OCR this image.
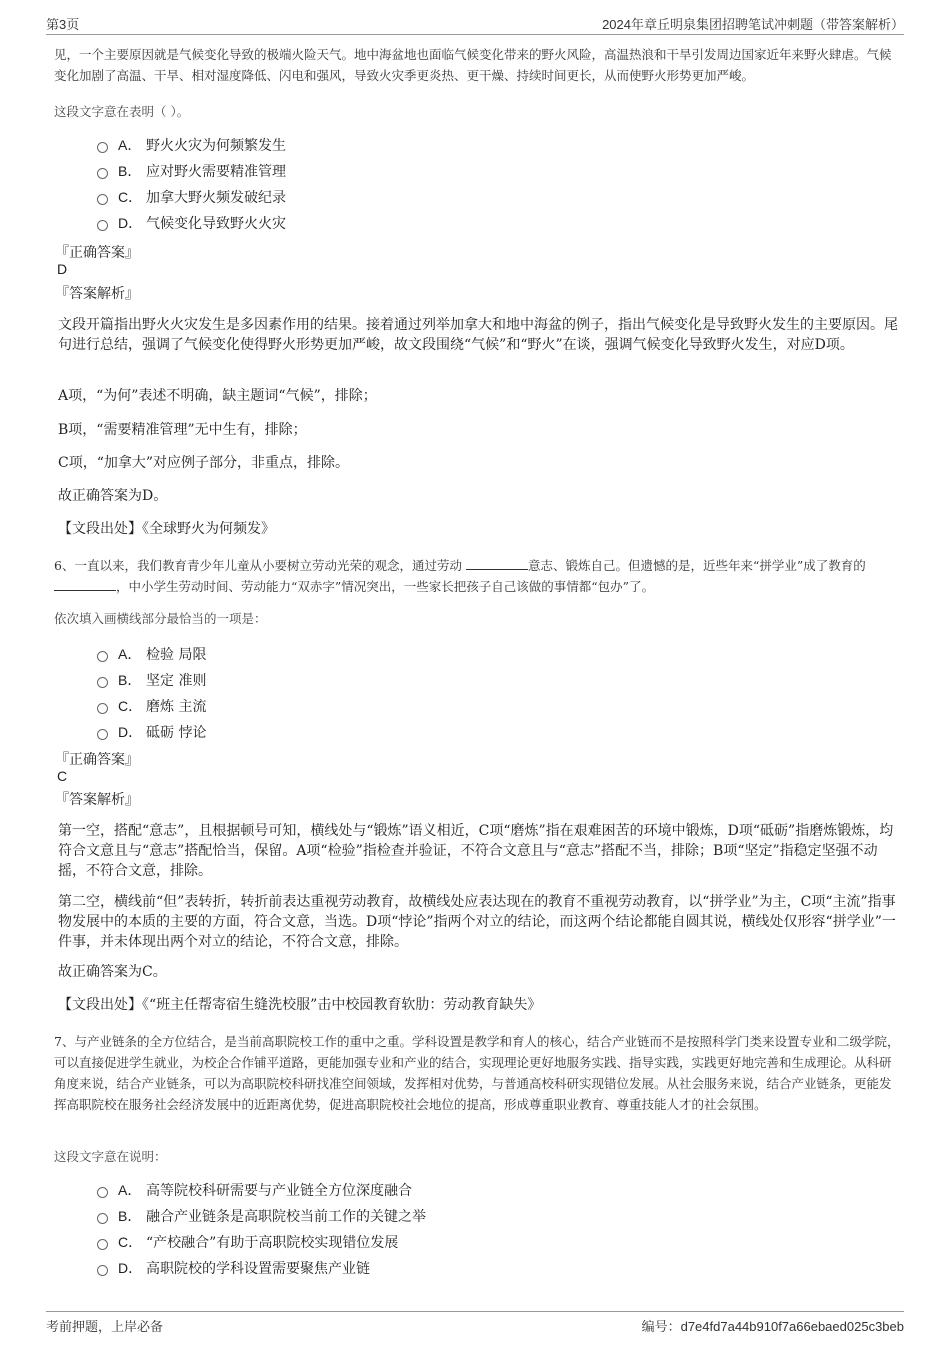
第3页	2024年章丘明泉集团招聘笔试冲刺题（带答案解析）
见，一个主要原因就是气候变化导致的极端火险天气。地中海盆地也面临气候变化带来的野火风险，高温热浪和干旱引发周边国家近年来野火肆虐。气候变化加剧了高温、干旱、相对湿度降低、闪电和强风，导致火灾季更炎热、更干燥、持续时间更长，从而使野火形势更加严峻。
这段文字意在表明（ ）。
A． 野火火灾为何频繁发生
B． 应对野火需要精准管理
C． 加拿大野火频发破纪录
D． 气候变化导致野火火灾
『正确答案』
D
『答案解析』
文段开篇指出野火火灾发生是多因素作用的结果。接着通过列举加拿大和地中海盆的例子，指出气候变化是导致野火发生的主要原因。尾句进行总结，强调了气候变化使得野火形势更加严峻，故文段围绕“气候”和“野火”在谈，强调气候变化导致野火发生，对应D项。
A项，“为何”表述不明确，缺主题词“气候”，排除；
B项，“需要精准管理”无中生有，排除；
C项，“加拿大”对应例子部分，非重点，排除。
故正确答案为D。
【文段出处】《全球野火为何频发》
6、一直以来，我们教育青少年儿童从小要树立劳动光荣的观念，通过劳动	意志、锻炼自己。但遗憾的是，近些年来“拼学业”成了教育的 ，中小学生劳动时间、劳动能力“双赤字”情况突出，一些家长把孩子自己该做的事情都“包办”了。
依次填入画横线部分最恰当的一项是：
A． 检验 局限
B． 坚定 准则
C． 磨炼 主流
D． 砥砺 悖论
『正确答案』
C
『答案解析』
第一空，搭配“意志”，且根据顿号可知，横线处与“锻炼”语义相近，C项“磨炼”指在艰难困苦的环境中锻炼，D项“砥砺”指磨炼锻炼，均符合文意且与“意志”搭配恰当，保留。A项“检验”指检查并验证，不符合文意且与“意志”搭配不当，排除；B项“坚定”指稳定坚强不动摇，不符合文意，排除。
第二空，横线前“但”表转折，转折前表达重视劳动教育，故横线处应表达现在的教育不重视劳动教育，以“拼学业”为主，C项“主流”指事物发展中的本质的主要的方面，符合文意，当选。D项“悖论”指两个对立的结论，而这两个结论都能自圆其说，横线处仅形容“拼学业”一件事，并未体现出两个对立的结论，不符合文意，排除。
故正确答案为C。
【文段出处】《“班主任帮寄宿生缝洗校服”击中校园教育软肋：劳动教育缺失》
7、与产业链条的全方位结合，是当前高职院校工作的重中之重。学科设置是教学和育人的核心，结合产业链而不是按照科学门类来设置专业和二级学院，可以直接促进学生就业，为校企合作铺平道路，更能加强专业和产业的结合，实现理论更好地服务实践、指导实践，实践更好地完善和生成理论。从科研角度来说，结合产业链条，可以为高职院校科研找准空间领域，发挥相对优势，与普通高校科研实现错位发展。从社会服务来说，结合产业链条，更能发挥高职院校在服务社会经济发展中的近距离优势，促进高职院校社会地位的提高，形成尊重职业教育、尊重技能人才的社会氛围。
这段文字意在说明：
A． 高等院校科研需要与产业链全方位深度融合
B． 融合产业链条是高职院校当前工作的关键之举
C． “产校融合”有助于高职院校实现错位发展
D． 高职院校的学科设置需要聚焦产业链
考前押题，上岸必备	编号：d7e4fd7a44b910f7a66ebaed025c3beb
